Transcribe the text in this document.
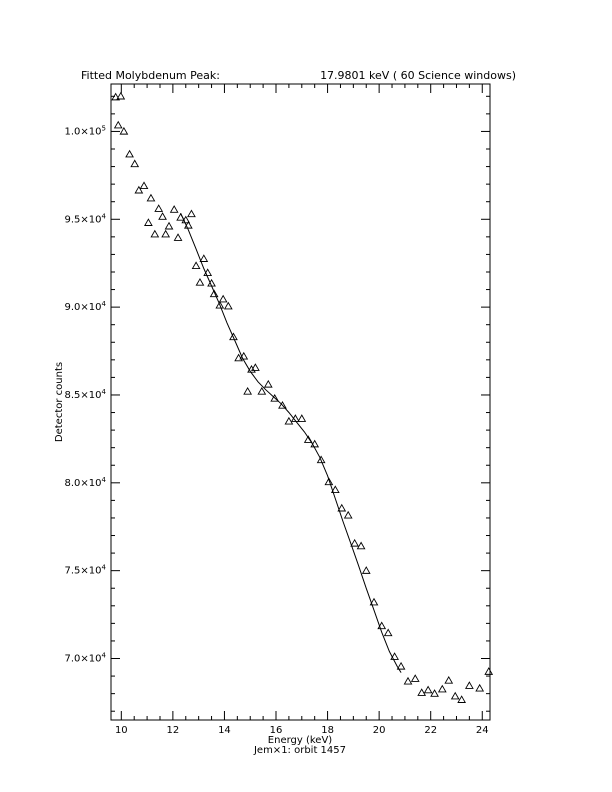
Fitted Molybdenum Peak:	17.9801 keV ( 60 Science windows)
10	12	14	16	18	20	22	24
$7.0\times 10^4$
$7.5\times 10^4$
$8.0\times 10^4$
$8.5\times 10^4$
$9.0\times 10^4$
$9.5\times 10^4$
$1.0\times 10^5$
Energy (keV)
Jem×1: orbit 1457
Detector counts
